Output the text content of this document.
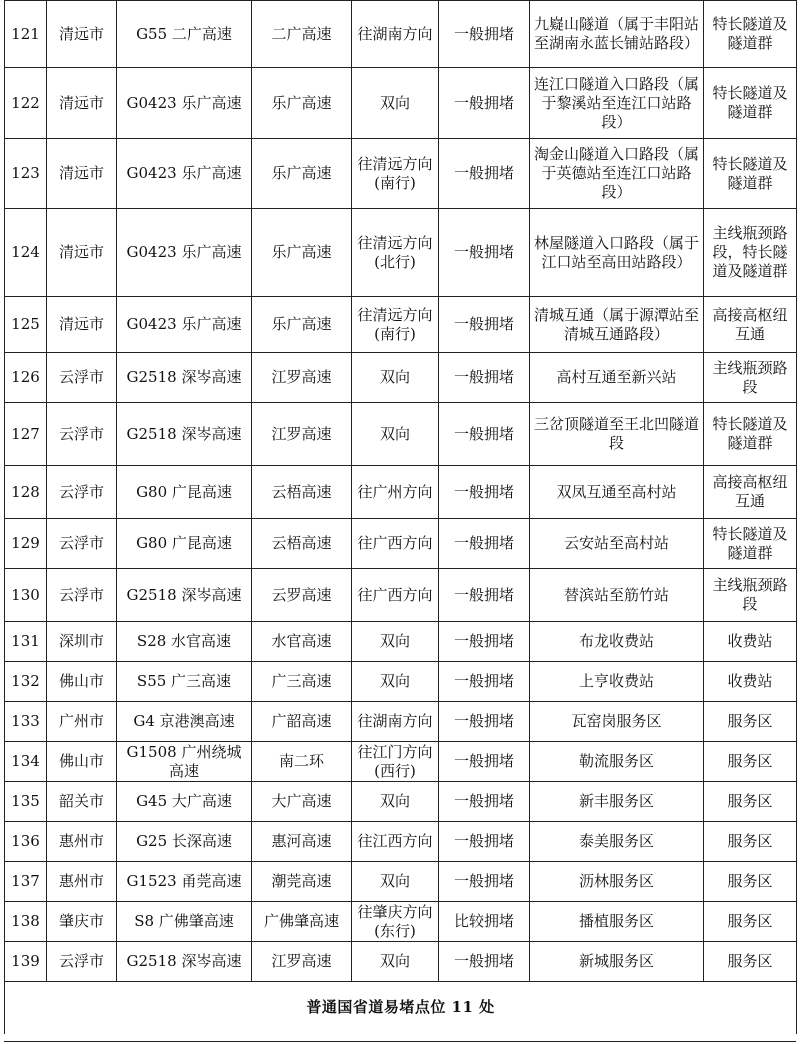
121	清远市	G55 二广高速	二广高速	往湖南方向	一般拥堵	九嶷山隧道（属于丰阳站至湖南永蓝长铺站路段）	特长隧道及隧道群
122	清远市	G0423 乐广高速	乐广高速	双向	一般拥堵	连江口隧道入口路段（属于黎溪站至连江口站路段）	特长隧道及隧道群
123	清远市	G0423 乐广高速	乐广高速	往清远方向(南行)	一般拥堵	淘金山隧道入口路段（属于英德站至连江口站路段）	特长隧道及隧道群
124	清远市	G0423 乐广高速	乐广高速	往清远方向(北行)	一般拥堵	林屋隧道入口路段（属于江口站至高田站路段）	主线瓶颈路段，特长隧道及隧道群
125	清远市	G0423 乐广高速	乐广高速	往清远方向(南行)	一般拥堵	清城互通（属于源潭站至清城互通路段）	高接高枢纽互通
126	云浮市	G2518 深岑高速	江罗高速	双向	一般拥堵	高村互通至新兴站	主线瓶颈路段
127	云浮市	G2518 深岑高速	江罗高速	双向	一般拥堵	三岔顶隧道至王北凹隧道段	特长隧道及隧道群
128	云浮市	G80 广昆高速	云梧高速	往广州方向	一般拥堵	双凤互通至高村站	高接高枢纽互通
129	云浮市	G80 广昆高速	云梧高速	往广西方向	一般拥堵	云安站至高村站	特长隧道及隧道群
130	云浮市	G2518 深岑高速	云罗高速	往广西方向	一般拥堵	替滨站至筋竹站	主线瓶颈路段
131	深圳市	S28 水官高速	水官高速	双向	一般拥堵	布龙收费站	收费站
132	佛山市	S55 广三高速	广三高速	双向	一般拥堵	上亨收费站	收费站
133	广州市	G4 京港澳高速	广韶高速	往湖南方向	一般拥堵	瓦窑岗服务区	服务区
134	佛山市	G1508 广州绕城高速	南二环	往江门方向(西行)	一般拥堵	勒流服务区	服务区
135	韶关市	G45 大广高速	大广高速	双向	一般拥堵	新丰服务区	服务区
136	惠州市	G25 长深高速	惠河高速	往江西方向	一般拥堵	泰美服务区	服务区
137	惠州市	G1523 甬莞高速	潮莞高速	双向	一般拥堵	沥林服务区	服务区
138	肇庆市	S8 广佛肇高速	广佛肇高速	往肇庆方向(东行)	比较拥堵	播植服务区	服务区
139	云浮市	G2518 深岑高速	江罗高速	双向	一般拥堵	新城服务区	服务区
普通国省道易堵点位 11 处							
